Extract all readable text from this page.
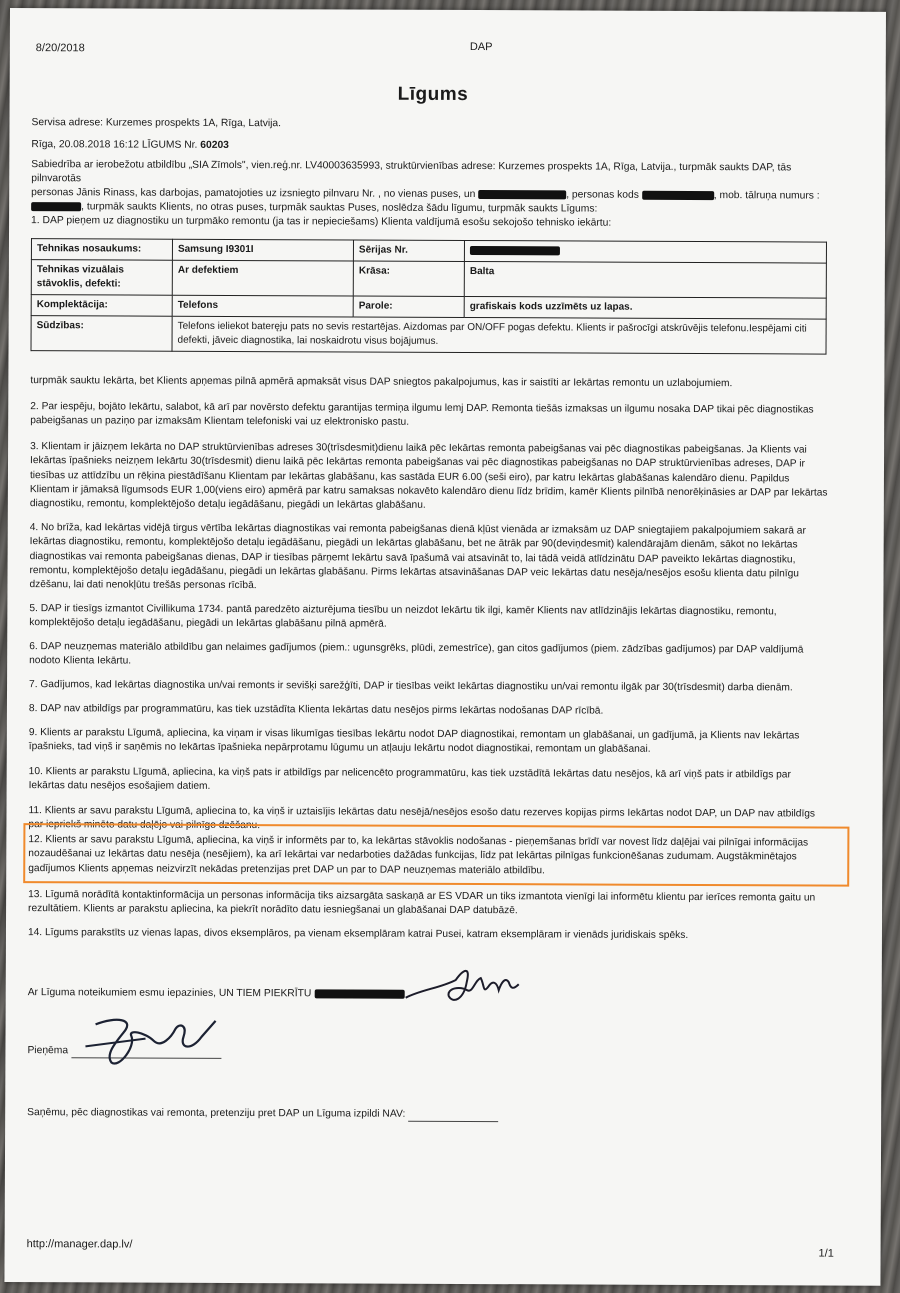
8/20/2018	DAP
Līgums
Servisa adrese: Kurzemes prospekts 1A, Rīga, Latvija.
Rīga, 20.08.2018 16:12 LĪGUMS Nr. 60203
Sabiedrība ar ierobežotu atbildību „SIA Zīmols", vien.reģ.nr. LV40003635993, struktūrvienības adrese: Kurzemes prospekts 1A, Rīga, Latvija., turpmāk saukts DAP, tās pilnvarotās
personas Jānis Rinass, kas darbojas, pamatojoties uz izsniegto pilnvaru Nr. , no vienas puses, un	, personas kods	, mob. tālruņa numurs :
, turpmāk saukts Klients, no otras puses, turpmāk sauktas Puses, noslēdza šādu līgumu, turpmāk saukts Līgums:
1. DAP pieņem uz diagnostiku un turpmāko remontu (ja tas ir nepieciešams) Klienta valdījumā esošu sekojošo tehnisko iekārtu:
Tehnikas nosaukums:	Samsung I9301I	Sērijas Nr.	
Tehnikas vizuālais stāvoklis, defekti:	Ar defektiem	Krāsa:	Balta
Komplektācija:	Telefons	Parole:	grafiskais kods uzzīmēts uz lapas.
Sūdzības:	Telefons ieliekot bateręju pats no sevis restartējas. Aizdomas par ON/OFF pogas defektu. Klients ir pašrocīgi atskrūvējis telefonu.Iespējami citi defekti, jāveic diagnostika, lai noskaidrotu visus bojājumus.		
turpmāk sauktu Iekārta, bet Klients apņemas pilnā apmērā apmaksāt visus DAP sniegtos pakalpojumus, kas ir saistīti ar Iekārtas remontu un uzlabojumiem.
2. Par iespēju, bojāto Iekārtu, salabot, kā arī par novērsto defektu garantijas termiņa ilgumu lemj DAP. Remonta tiešās izmaksas un ilgumu nosaka DAP tikai pēc diagnostikas pabeigšanas un paziņo par izmaksām Klientam telefoniski vai uz elektronisko pastu.
3. Klientam ir jāizņem Iekārta no DAP struktūrvienības adreses 30(trīsdesmit)dienu laikā pēc Iekārtas remonta pabeigšanas vai pēc diagnostikas pabeigšanas. Ja Klients vai Iekārtas īpašnieks neizņem Iekārtu 30(trīsdesmit) dienu laikā pēc Iekārtas remonta pabeigšanas vai pēc diagnostikas pabeigšanas no DAP struktūrvienības adreses, DAP ir tiesības uz attīdzību un rēķina piestādīšanu Klientam par Iekārtas glabāšanu, kas sastāda EUR 6.00 (seši eiro), par katru Iekārtas glabāšanas kalendāro dienu. Papildus Klientam ir jāmaksā līgumsods EUR 1,00(viens eiro) apmērā par katru samaksas nokavēto kalendāro dienu līdz brīdim, kamēr Klients pilnībā nenorēķināsies ar DAP par Iekārtas diagnostiku, remontu, komplektējošo detaļu iegādāšanu, piegādi un Iekārtas glabāšanu.
4. No brīža, kad Iekārtas vidējā tirgus vērtība Iekārtas diagnostikas vai remonta pabeigšanas dienā kļūst vienāda ar izmaksām uz DAP sniegtajiem pakalpojumiem sakarā ar Iekārtas diagnostiku, remontu, komplektējošo detaļu iegādāšanu, piegādi un Iekārtas glabāšanu, bet ne ātrāk par 90(deviņdesmit) kalendārajām dienām, sākot no Iekārtas diagnostikas vai remonta pabeigšanas dienas, DAP ir tiesības pārņemt Iekārtu savā īpašumā vai atsavināt to, lai tādā veidā atlīdzinātu DAP paveikto Iekārtas diagnostiku, remontu, komplektējošo detaļu iegādāšanu, piegādi un Iekārtas glabāšanu. Pirms Iekārtas atsavināšanas DAP veic Iekārtas datu nesēja/nesējos esošu klienta datu pilnīgu dzēšanu, lai dati nenokļūtu trešās personas rīcībā.
5. DAP ir tiesīgs izmantot Civillikuma 1734. pantā paredzēto aizturējuma tiesību un neizdot Iekārtu tik ilgi, kamēr Klients nav atlīdzinājis Iekārtas diagnostiku, remontu, komplektējošo detaļu iegādāšanu, piegādi un Iekārtas glabāšanu pilnā apmērā.
6. DAP neuzņemas materiālo atbildību gan nelaimes gadījumos (piem.: ugunsgrēks, plūdi, zemestrīce), gan citos gadījumos (piem. zādzības gadījumos) par DAP valdījumā nodoto Klienta Iekārtu.
7. Gadījumos, kad Iekārtas diagnostika un/vai remonts ir sevišķi sarežģīti, DAP ir tiesības veikt Iekārtas diagnostiku un/vai remontu ilgāk par 30(trīsdesmit) darba dienām.
8. DAP nav atbildīgs par programmatūru, kas tiek uzstādīta Klienta Iekārtas datu nesējos pirms Iekārtas nodošanas DAP rīcībā.
9. Klients ar parakstu Līgumā, apliecina, ka viņam ir visas likumīgas tiesības Iekārtu nodot DAP diagnostikai, remontam un glabāšanai, un gadījumā, ja Klients nav Iekārtas īpašnieks, tad viņš ir saņēmis no Iekārtas īpašnieka nepārprotamu lūgumu un atļauju Iekārtu nodot diagnostikai, remontam un glabāšanai.
10. Klients ar parakstu Līgumā, apliecina, ka viņš pats ir atbildīgs par nelicencēto programmatūru, kas tiek uzstādītā Iekārtas datu nesējos, kā arī viņš pats ir atbildīgs par Iekārtas datu nesējos esošajiem datiem.
11. Klients ar savu parakstu Līgumā, apliecina to, ka viņš ir uztaisījis Iekārtas datu nesējā/nesējos esošo datu rezerves kopijas pirms Iekārtas nodot DAP, un DAP nav atbildīgs par iepriekš minēto datu daļējo vai pilnīgo dzēšanu.
12. Klients ar savu parakstu Līgumā, apliecina, ka viņš ir informēts par to, ka Iekārtas stāvoklis nodošanas - pieņemšanas brīdī var novest līdz daļējai vai pilnīgai informācijas nozaudēšanai uz Iekārtas datu nesēja (nesējiem), ka arī Iekārtai var nedarboties dažādas funkcijas, līdz pat Iekārtas pilnīgas funkcionēšanas zudumam. Augstākminētajos gadījumos Klients apņemas neizvirzīt nekādas pretenzijas pret DAP un par to DAP neuzņemas materiālo atbildību.
13. Līgumā norādītā kontaktinformācija un personas informācija tiks aizsargāta saskaņā ar ES VDAR un tiks izmantota vienīgi lai informētu klientu par ierīces remonta gaitu un rezultātiem. Klients ar parakstu apliecina, ka piekrīt norādīto datu iesniegšanai un glabāšanai DAP datubāzē.
14. Līgums parakstīts uz vienas lapas, divos eksemplāros, pa vienam eksemplāram katrai Pusei, katram eksemplāram ir vienāds juridiskais spēks.
Ar Līguma noteikumiem esmu iepazinies, UN TIEM PIEKRĪTU
Pieņēma
Saņēmu, pēc diagnostikas vai remonta, pretenziju pret DAP un Līguma izpildi NAV:
http://manager.dap.lv/
1/1
